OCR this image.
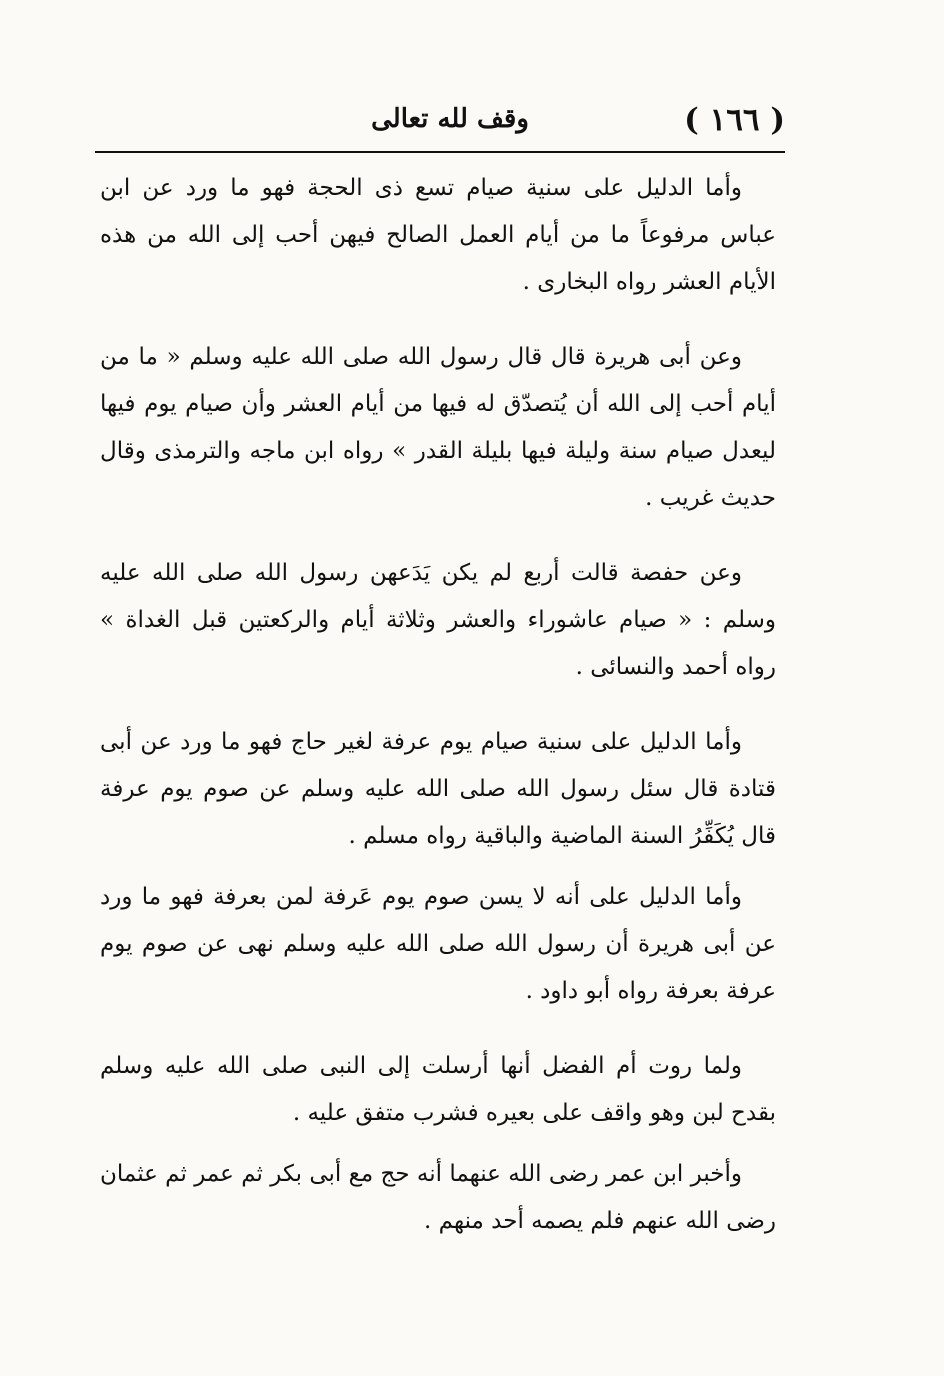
( ١٦٦ )
وقف لله تعالى

وأما الدليل على سنية صيام تسع ذى الحجة فهو ما ورد عن ابن عباس مرفوعاً ما من أيام العمل الصالح فيهن أحب إلى الله من هذه الأيام العشر رواه البخارى .

وعن أبى هريرة قال قال رسول الله صلى الله عليه وسلم « ما من أيام أحب إلى الله أن يُتصدّق له فيها من أيام العشر وأن صيام يوم فيها ليعدل صيام سنة وليلة فيها بليلة القدر » رواه ابن ماجه والترمذى وقال حديث غريب .

وعن حفصة قالت أربع لم يكن يَدَعهن رسول الله صلى الله عليه وسلم : « صيام عاشوراء والعشر وثلاثة أيام والركعتين قبل الغداة » رواه أحمد والنسائى .

وأما الدليل على سنية صيام يوم عرفة لغير حاج فهو ما ورد عن أبى قتادة قال سئل رسول الله صلى الله عليه وسلم عن صوم يوم عرفة قال يُكَفِّرُ السنة الماضية والباقية رواه مسلم .

وأما الدليل على أنه لا يسن صوم يوم عَرفة لمن بعرفة فهو ما ورد عن أبى هريرة أن رسول الله صلى الله عليه وسلم نهى عن صوم يوم عرفة بعرفة رواه أبو داود .

ولما روت أم الفضل أنها أرسلت إلى النبى صلى الله عليه وسلم بقدح لبن وهو واقف على بعيره فشرب متفق عليه .

وأخبر ابن عمر رضى الله عنهما أنه حج مع أبى بكر ثم عمر ثم عثمان رضى الله عنهم فلم يصمه أحد منهم .
